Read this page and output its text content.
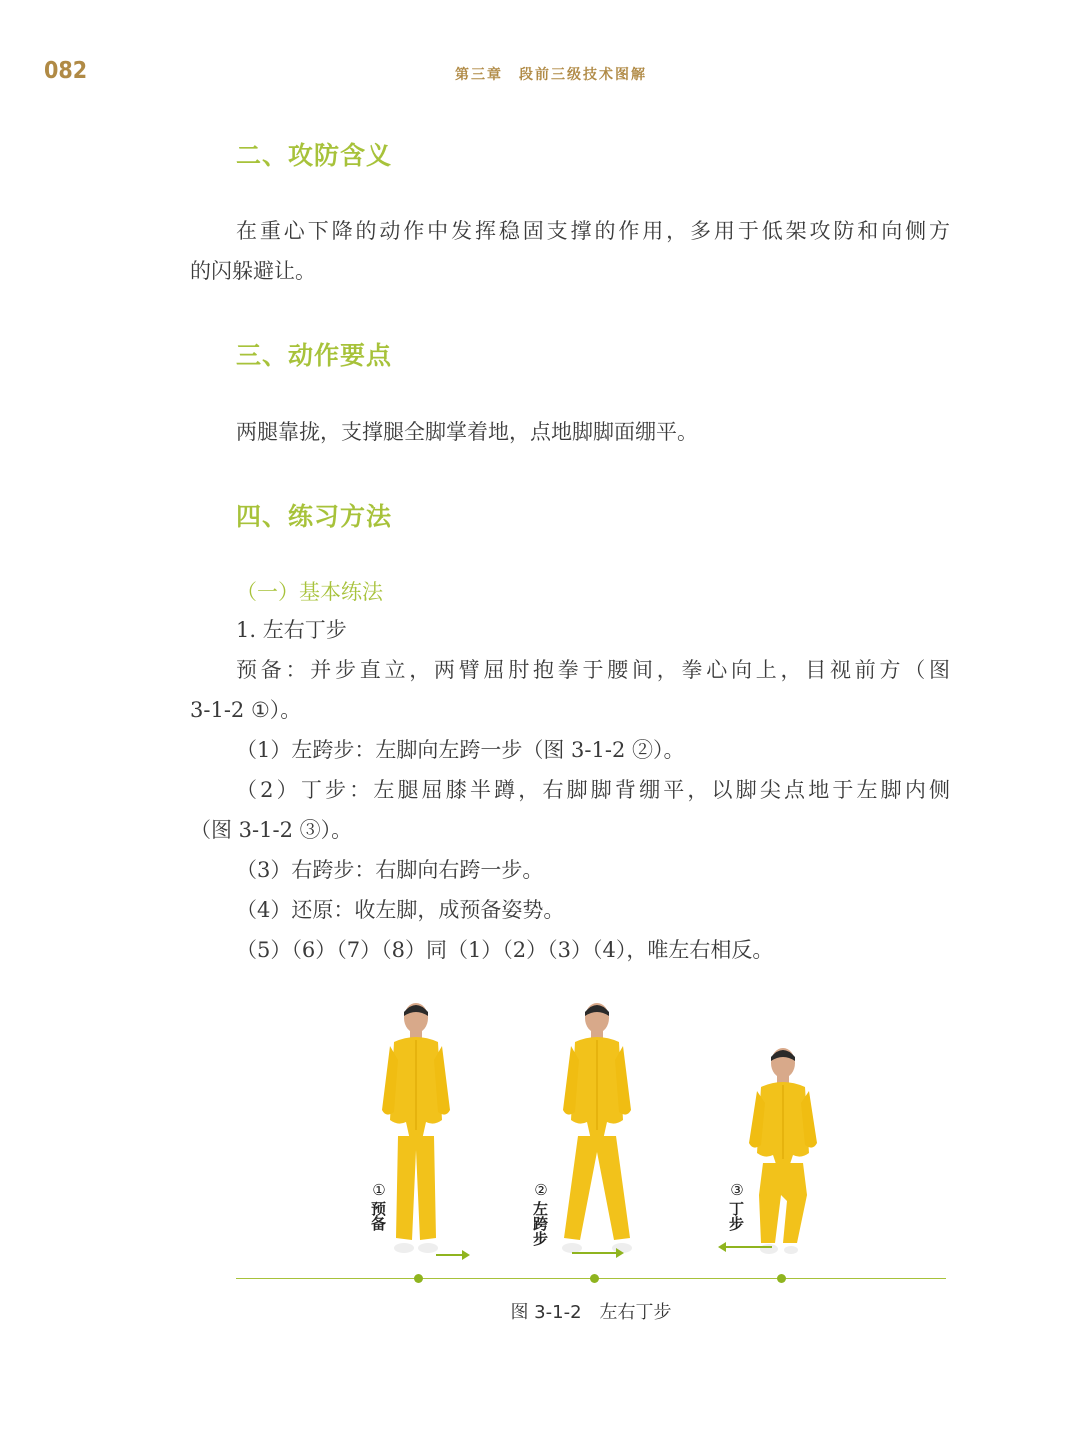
082	第三章　段前三级技术图解
二、攻防含义
在重心下降的动作中发挥稳固支撑的作用，多用于低架攻防和向侧方
的闪躲避让。
三、动作要点
两腿靠拢，支撑腿全脚掌着地，点地脚脚面绷平。
四、练习方法
（一）基本练法
1. 左右丁步
预备：并步直立，两臂屈肘抱拳于腰间，拳心向上，目视前方（图
3-1-2 ①）。
（1）左跨步：左脚向左跨一步（图 3-1-2 ②）。
（2）丁步：左腿屈膝半蹲，右脚脚背绷平，以脚尖点地于左脚内侧
（图 3-1-2 ③）。
（3）右跨步：右脚向右跨一步。
（4）还原：收左脚，成预备姿势。
（5）（6）（7）（8）同（1）（2）（3）（4），唯左右相反。
①
预备
②
左跨步
③
丁步
图 3-1-2　左右丁步
